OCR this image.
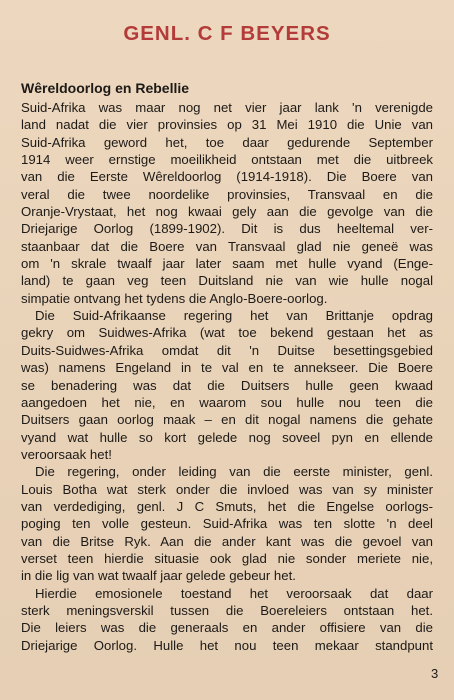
GENL. C F BEYERS
Wêreldoorlog en Rebellie
Suid-Afrika was maar nog net vier jaar lank 'n verenigde
land nadat die vier provinsies op 31 Mei 1910 die Unie van
Suid-Afrika geword het, toe daar gedurende September
1914 weer ernstige moeilikheid ontstaan met die uitbreek
van die Eerste Wêreldoorlog (1914-1918). Die Boere van
veral die twee noordelike provinsies, Transvaal en die
Oranje-Vrystaat, het nog kwaai gely aan die gevolge van die
Driejarige Oorlog (1899-1902). Dit is dus heeltemal ver-
staanbaar dat die Boere van Transvaal glad nie geneë was
om 'n skrale twaalf jaar later saam met hulle vyand (Enge-
land) te gaan veg teen Duitsland nie van wie hulle nogal
simpatie ontvang het tydens die Anglo-Boere-oorlog.
Die Suid-Afrikaanse regering het van Brittanje opdrag
gekry om Suidwes-Afrika (wat toe bekend gestaan het as
Duits-Suidwes-Afrika omdat dit 'n Duitse besettingsgebied
was) namens Engeland in te val en te annekseer. Die Boere
se benadering was dat die Duitsers hulle geen kwaad
aangedoen het nie, en waarom sou hulle nou teen die
Duitsers gaan oorlog maak – en dit nogal namens die gehate
vyand wat hulle so kort gelede nog soveel pyn en ellende
veroorsaak het!
Die regering, onder leiding van die eerste minister, genl.
Louis Botha wat sterk onder die invloed was van sy minister
van verdediging, genl. J C Smuts, het die Engelse oorlogs-
poging ten volle gesteun. Suid-Afrika was ten slotte 'n deel
van die Britse Ryk. Aan die ander kant was die gevoel van
verset teen hierdie situasie ook glad nie sonder meriete nie,
in die lig van wat twaalf jaar gelede gebeur het.
Hierdie emosionele toestand het veroorsaak dat daar
sterk meningsverskil tussen die Boereleiers ontstaan het.
Die leiers was die generaals en ander offisiere van die
Driejarige Oorlog. Hulle het nou teen mekaar standpunt
3
